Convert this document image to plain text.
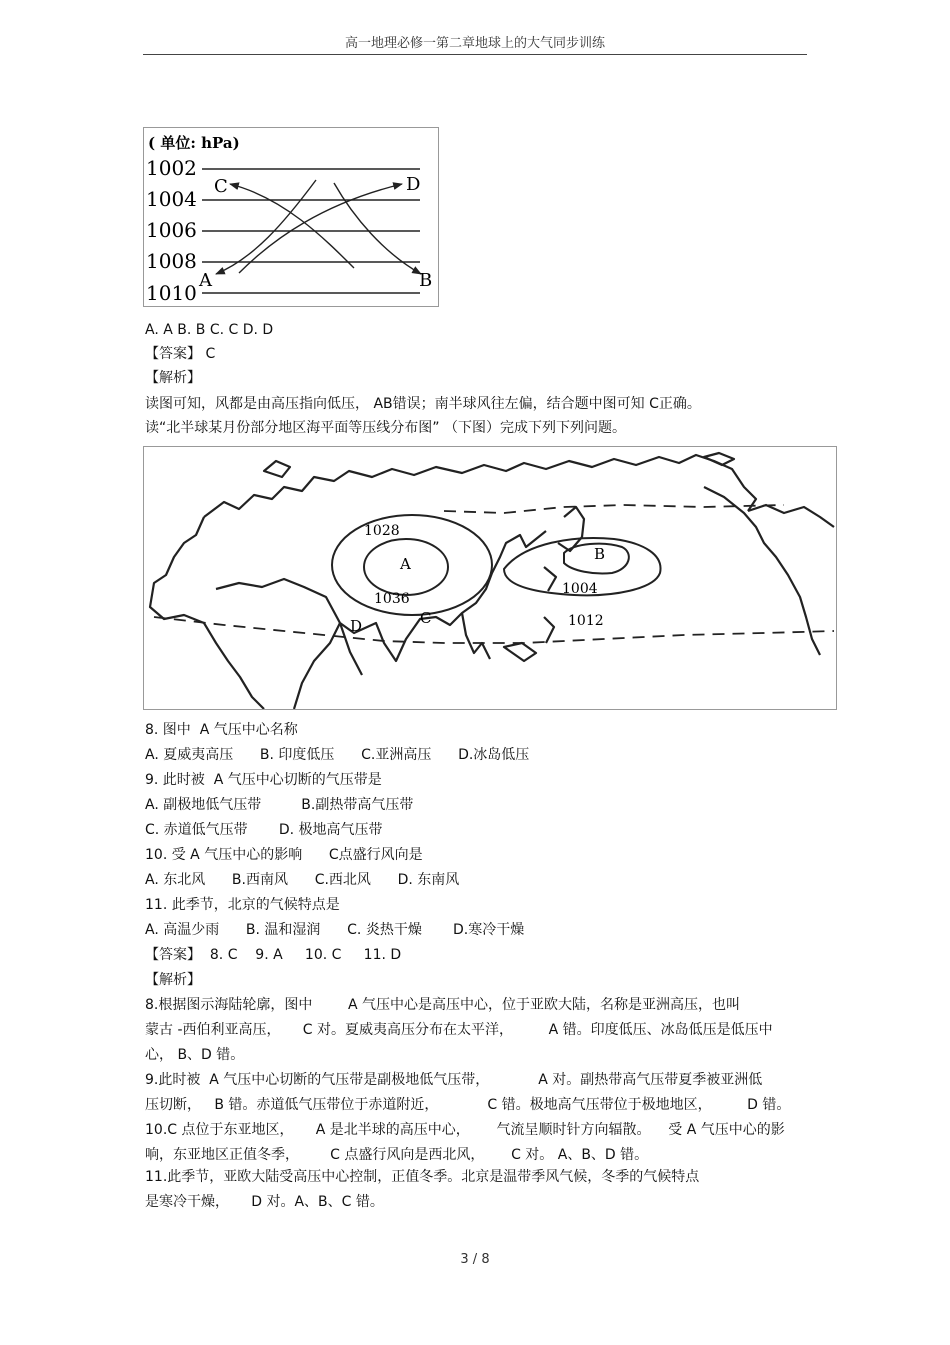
高一地理必修一第二章地球上的大气同步训练
( 单位: hPa)
1002
1004
1006
1008
1010
A	B
C	D
A. A B. B C. C D. D
【答案】 C
【解析】
读图可知，风都是由高压指向低压， AB错误；南半球风往左偏，结合题中图可知 C正确。
读“北半球某月份部分地区海平面等压线分布图” （下图）完成下列下列问题。
1028
1036
1004
1012
A
B
C
D

8. 图中  A 气压中心名称

A. 夏威夷高压      B. 印度低压      C.亚洲高压      D.冰岛低压

9. 此时被  A 气压中心切断的气压带是

A. 副极地低气压带         B.副热带高气压带

C. 赤道低气压带       D. 极地高气压带

10. 受 A 气压中心的影响      C点盛行风向是

A. 东北风      B.西南风      C.西北风      D. 东南风

11. 此季节，北京的气候特点是

A. 高温少雨      B. 温和湿润      C. 炎热干燥       D.寒冷干燥

【答案】  8. C    9. A     10. C     11. D

【解析】

8.根据图示海陆轮廓，图中        A 气压中心是高压中心，位于亚欧大陆，名称是亚洲高压，也叫

蒙古 -西伯利亚高压，     C 对。夏威夷高压分布在太平洋，        A 错。印度低压、冰岛低压是低压中

心， B、D 错。

9.此时被  A 气压中心切断的气压带是副极地低气压带，           A 对。副热带高气压带夏季被亚洲低

压切断，   B 错。赤道低气压带位于赤道附近，           C 错。极地高气压带位于极地地区，        D 错。

10.C 点位于东亚地区，     A 是北半球的高压中心，      气流呈顺时针方向辐散。    受 A 气压中心的影

响，东亚地区正值冬季，       C 点盛行风向是西北风，      C 对。 A、B、D 错。

11.此季节，亚欧大陆受高压中心控制，正值冬季。北京是温带季风气候，冬季的气候特点

是寒冷干燥，     D 对。A、B、C 错。

3 / 8
